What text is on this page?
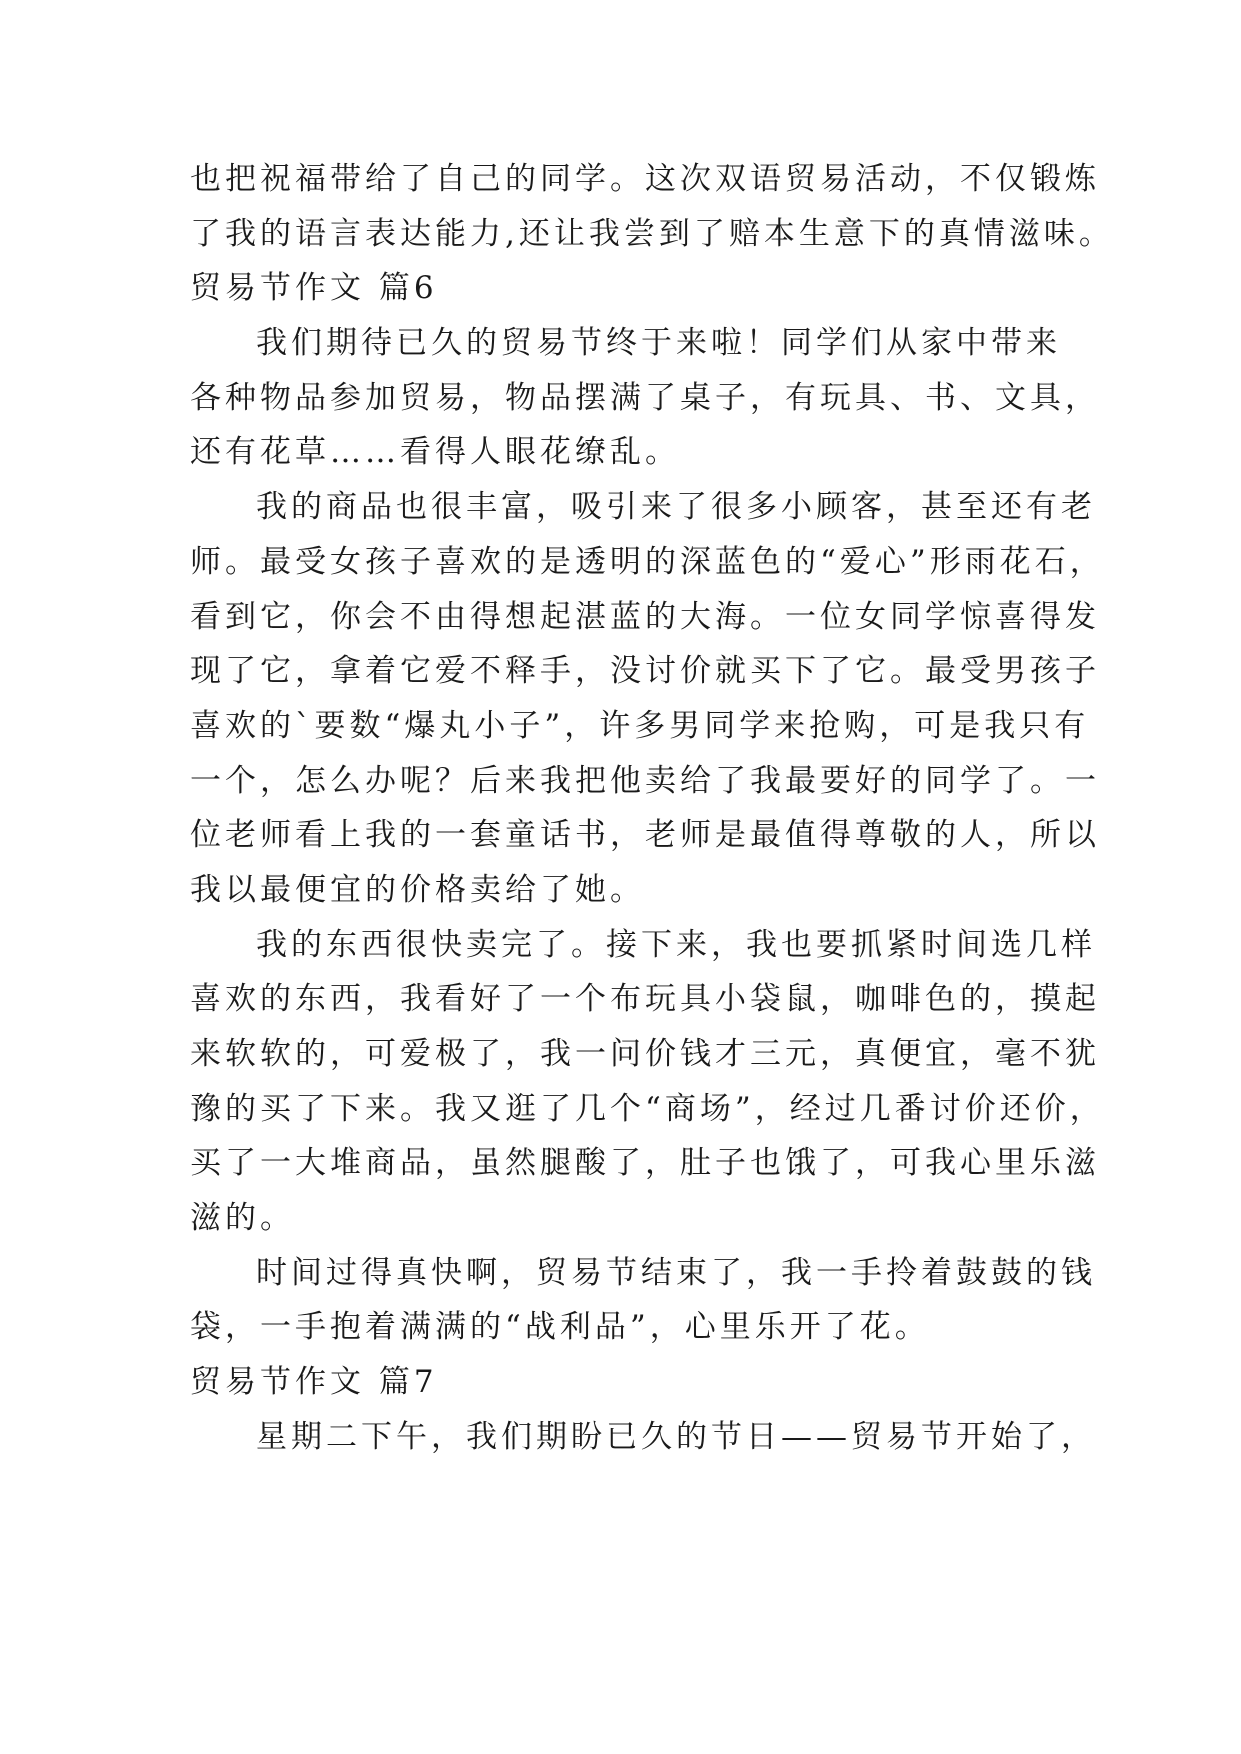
也把祝福带给了自己的同学。这次双语贸易活动，不仅锻炼
了我的语言表达能力,还让我尝到了赔本生意下的真情滋味。
贸易节作文 篇6
我们期待已久的贸易节终于来啦！同学们从家中带来
各种物品参加贸易，物品摆满了桌子，有玩具、书、文具，
还有花草……看得人眼花缭乱。
我的商品也很丰富，吸引来了很多小顾客，甚至还有老
师。最受女孩子喜欢的是透明的深蓝色的“爱心”形雨花石，
看到它，你会不由得想起湛蓝的大海。一位女同学惊喜得发
现了它，拿着它爱不释手，没讨价就买下了它。最受男孩子
喜欢的`要数“爆丸小子”，许多男同学来抢购，可是我只有
一个，怎么办呢？后来我把他卖给了我最要好的同学了。一
位老师看上我的一套童话书，老师是最值得尊敬的人，所以
我以最便宜的价格卖给了她。
我的东西很快卖完了。接下来，我也要抓紧时间选几样
喜欢的东西，我看好了一个布玩具小袋鼠，咖啡色的，摸起
来软软的，可爱极了，我一问价钱才三元，真便宜，毫不犹
豫的买了下来。我又逛了几个“商场”，经过几番讨价还价，
买了一大堆商品，虽然腿酸了，肚子也饿了，可我心里乐滋
滋的。
时间过得真快啊，贸易节结束了，我一手拎着鼓鼓的钱
袋，一手抱着满满的“战利品”，心里乐开了花。
贸易节作文 篇7
星期二下午，我们期盼已久的节日——贸易节开始了，
